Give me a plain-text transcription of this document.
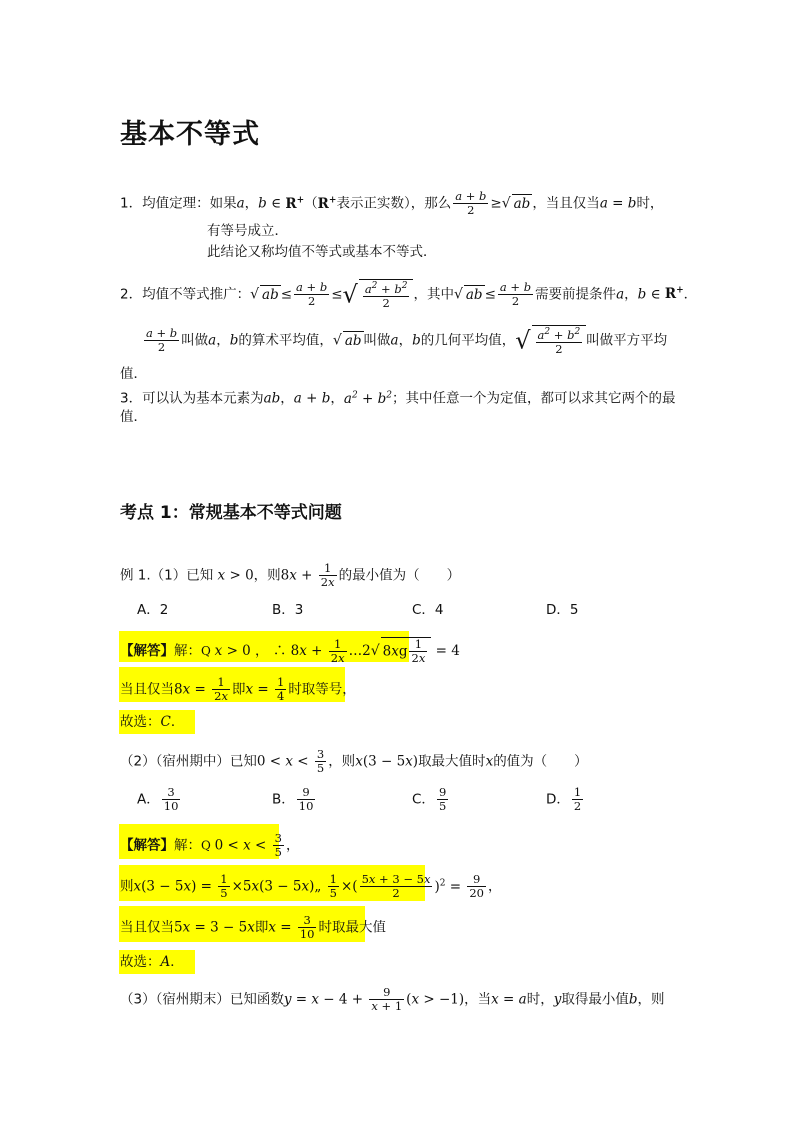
基本不等式
1．均值定理：如果a，b ∈ R+（R+表示正实数），那么 $\frac{a + b}{2}$ ≥√ ab ，当且仅当a = b时，
有等号成立．
此结论又称均值不等式或基本不等式．
2．均值不等式推广：√ ab ≤ $\frac{a + b}{2}$ ≤√ $\frac{a^2 + b^2}{2}$ ，其中√ ab ≤ $\frac{a + b}{2}$ 需要前提条件a，b ∈ R+．
$\frac{a + b}{2}$ 叫做a，b的算术平均值，√ ab 叫做a，b的几何平均值，√ $\frac{a^2 + b^2}{2}$ 叫做平方平均
值．
3．可以认为基本元素为ab，a + b，$a^2 + b^2$；其中任意一个为定值，都可以求其它两个的最
值．
考点 1：常规基本不等式问题
例 1.（1）已知 x > 0，则$8x + \frac{1}{2x}$ 的最小值为（　　）
A．2	B．3	C．4	D．5
【解答】解：Q x > 0 ， ∴ $8x + \frac{1}{2x}$ …2√ $8xg \frac{1}{2x} = 4$
当且仅当$8x = \frac{1}{2x}$ 即$x = \frac{1}{4}$ 时取等号，
故选：C．
（2）（宿州期中）已知$0 < x < \frac{3}{5}$ ，则x(3 − 5x)取最大值时x的值为（　　）
A． $\frac{3}{10}$	B． $\frac{9}{10}$	C． $\frac{9}{5}$	D． $\frac{1}{2}$
【解答】解：Q $0 < x < \frac{3}{5}$ ，
则$x(3 - 5x) = \frac{1}{5} \times 5x(3$ − 5x)„ $\frac{1}{5}$ ×( $\frac{5x + 3 - 5x}{2} )^2 = \frac{9}{20}$ ，
当且仅当5x = 3 − 5x即$x = \frac{3}{10}$ 时取最大值
故选：A．
（3）（宿州期末）已知函数$y = x - 4 + \frac{9}{x + 1} (x > -1)$，当x = a时，y取得最小值b，则
